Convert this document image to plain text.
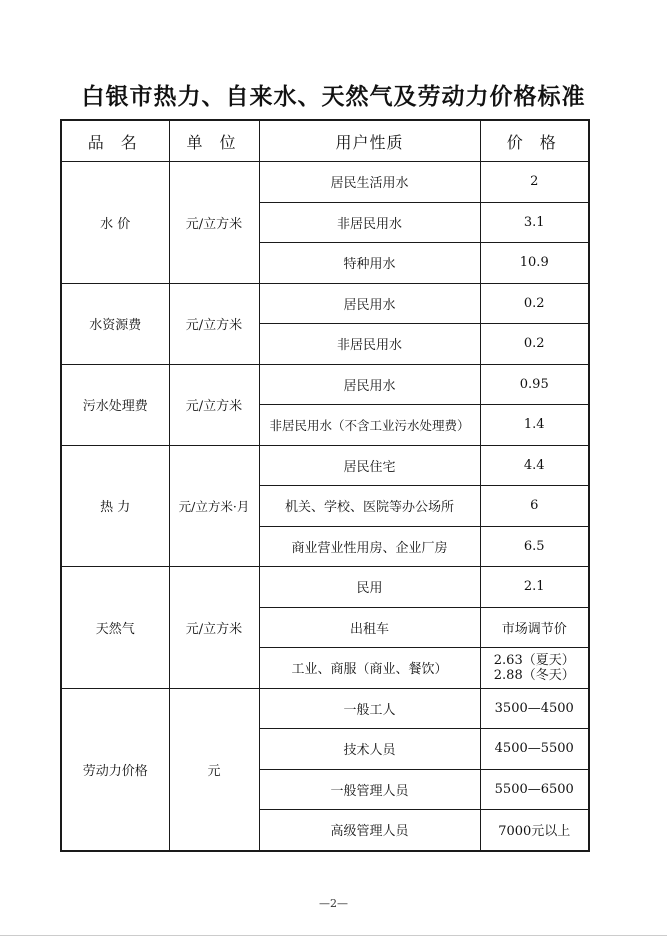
白银市热力、自来水、天然气及劳动力价格标准
品 名	单 位	用户性质	价 格
水 价	元/立方米	居民生活用水	2
		非居民用水	3.1
		特种用水	10.9
水资源费	元/立方米	居民用水	0.2
		非居民用水	0.2
污水处理费	元/立方米	居民用水	0.95
		非居民用水（不含工业污水处理费）	1.4
热 力	元/立方米·月	居民住宅	4.4
		机关、学校、医院等办公场所	6
		商业营业性用房、企业厂房	6.5
天然气	元/立方米	民用	2.1
		出租车	市场调节价
		工业、商服（商业、餐饮）	2.63（夏天）
2.88（冬天）

劳动力价格	元	一般工人	3500—4500
		技术人员	4500—5500
		一般管理人员	5500—6500
		高级管理人员	7000元以上
—2—
